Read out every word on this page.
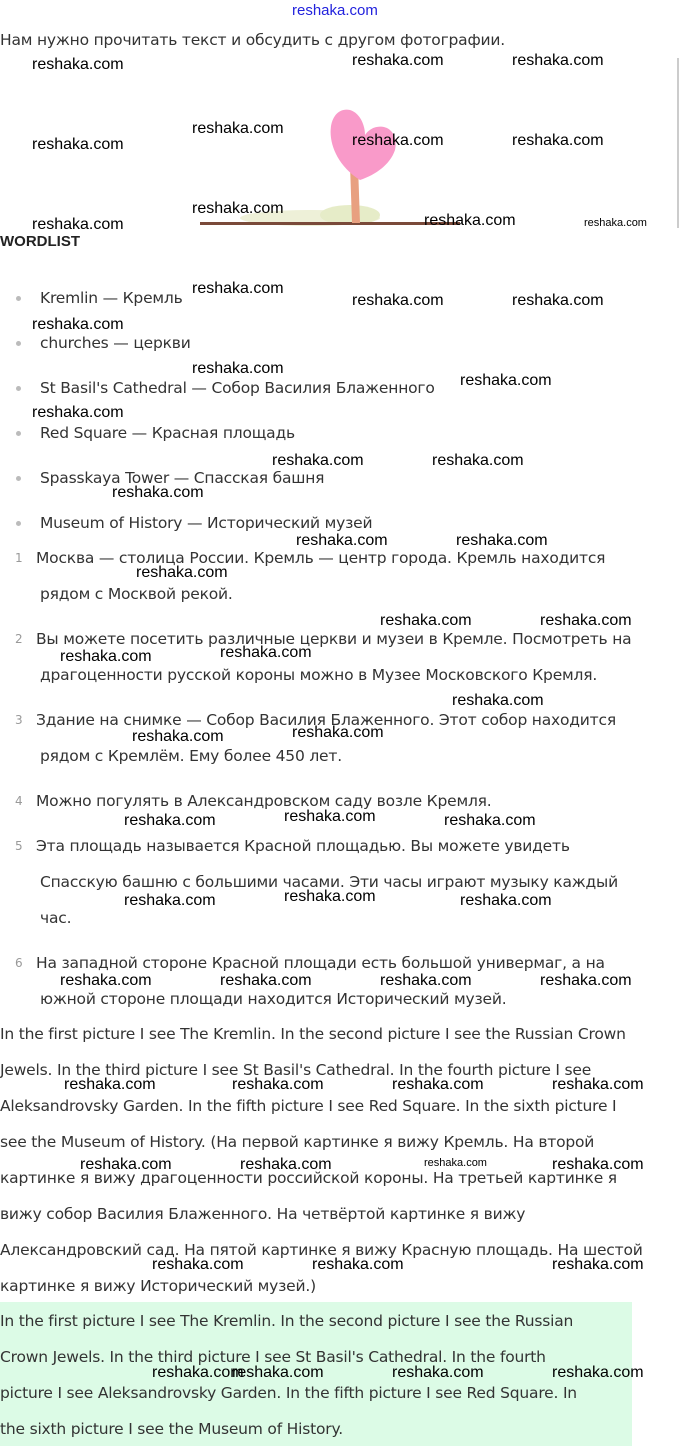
reshaka.com
Нам нужно прочитать текст и обсудить с другом фотографии.
WORDLIST
Kremlin — Кремль
churches — церкви
St Basil's Cathedral — Собор Василия Блаженного
Red Square — Красная площадь
Spasskaya Tower — Спасская башня
Museum of History — Исторический музей
1 Москва — столица России. Кремль — центр города. Кремль находится
рядом с Москвой рекой.
2 Вы можете посетить различные церкви и музеи в Кремле. Посмотреть на
драгоценности русской короны можно в Музее Московского Кремля.
3 Здание на снимке — Собор Василия Блаженного. Этот собор находится
рядом с Кремлём. Ему более 450 лет.
4 Можно погулять в Александровском саду возле Кремля.
5 Эта площадь называется Красной площадью. Вы можете увидеть
Спасскую башню с большими часами. Эти часы играют музыку каждый
час.
6 На западной стороне Красной площади есть большой универмаг, а на
южной стороне площади находится Исторический музей.
In the first picture I see The Kremlin. In the second picture I see the Russian Crown
Jewels. In the third picture I see St Basil's Cathedral. In the fourth picture I see
Aleksandrovsky Garden. In the fifth picture I see Red Square. In the sixth picture I
see the Museum of History. (На первой картинке я вижу Кремль. На второй
картинке я вижу драгоценности российской короны. На третьей картинке я
вижу собор Василия Блаженного. На четвёртой картинке я вижу
Александровский сад. На пятой картинке я вижу Красную площадь. На шестой
картинке я вижу Исторический музей.)
In the first picture I see The Kremlin. In the second picture I see the Russian
Crown Jewels. In the third picture I see St Basil's Cathedral. In the fourth
picture I see Aleksandrovsky Garden. In the fifth picture I see Red Square. In
the sixth picture I see the Museum of History.
reshaka.com	reshaka.com	reshaka.com
reshaka.com
reshaka.com	reshaka.com	reshaka.com
reshaka.com
reshaka.com	reshaka.com	reshaka.com
reshaka.com
reshaka.com	reshaka.com
reshaka.com
reshaka.com
reshaka.com
reshaka.com
reshaka.com	reshaka.com
reshaka.com
reshaka.com	reshaka.com
reshaka.com
reshaka.com	reshaka.com
reshaka.com	reshaka.com
reshaka.com
reshaka.com	reshaka.com
reshaka.com
reshaka.com	reshaka.com
reshaka.com	reshaka.com	reshaka.com
reshaka.com	reshaka.com	reshaka.com	reshaka.com
reshaka.com	reshaka.com	reshaka.com	reshaka.com
reshaka.com	reshaka.com	reshaka.com	reshaka.com
reshaka.com	reshaka.com	reshaka.com
reshaka.com
reshaka.com	reshaka.com	reshaka.com
